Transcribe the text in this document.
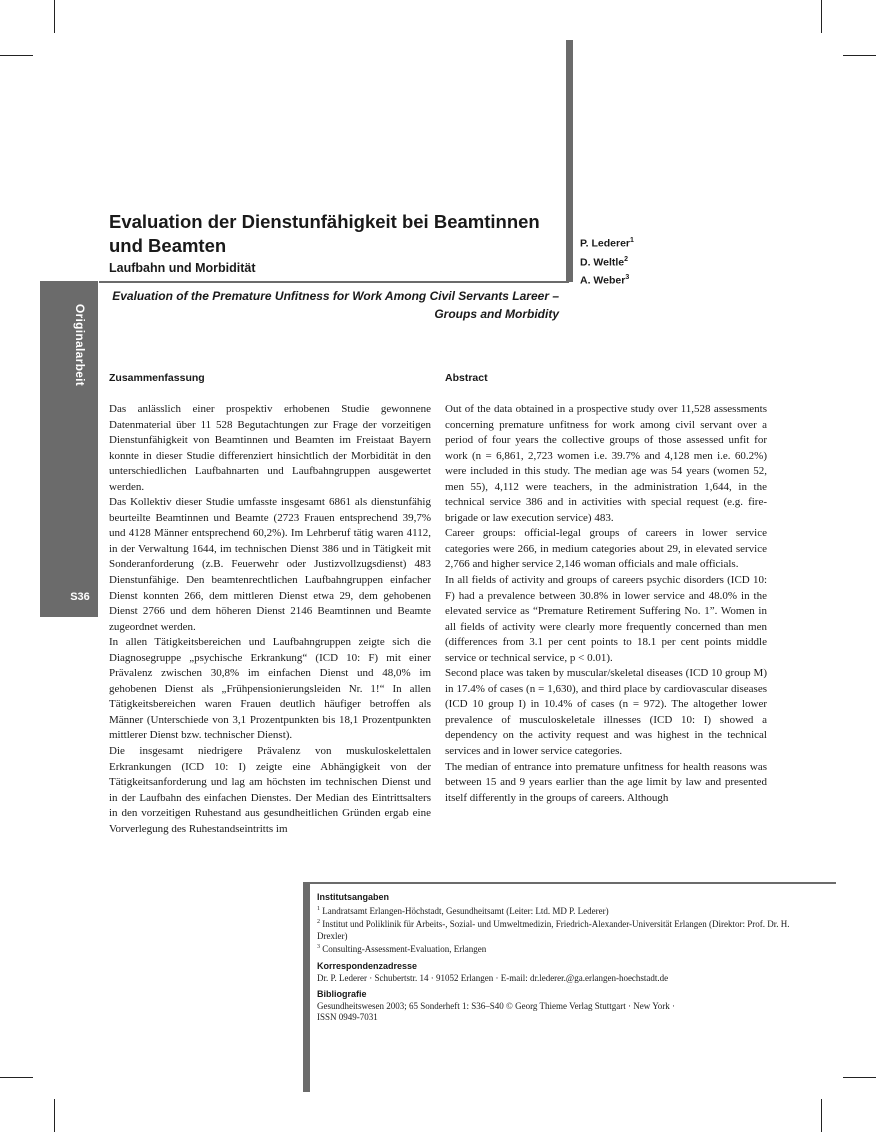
Evaluation der Dienstunfähigkeit bei Beamtinnen und Beamten
Laufbahn und Morbidität
P. Lederer$^1$
D. Weltle$^2$
A. Weber$^3$
Evaluation of the Premature Unfitness for Work Among Civil Servants Lareer – Groups and Morbidity
Originalarbeit
S36
Zusammenfassung

Das anlässlich einer prospektiv erhobenen Studie gewonnene Datenmaterial über 11 528 Begutachtungen zur Frage der vorzeitigen Dienstunfähigkeit von Beamtinnen und Beamten im Freistaat Bayern konnte in dieser Studie differenziert hinsichtlich der Morbidität in den unterschiedlichen Laufbahnarten und Laufbahngruppen ausgewertet werden.

Das Kollektiv dieser Studie umfasste insgesamt 6861 als dienstunfähig beurteilte Beamtinnen und Beamte (2723 Frauen entsprechend 39,7% und 4128 Männer entsprechend 60,2%). Im Lehrberuf tätig waren 4112, in der Verwaltung 1644, im technischen Dienst 386 und in Tätigkeit mit Sonderanforderung (z.B. Feuerwehr oder Justizvollzugsdienst) 483 Dienstunfähige. Den beamtenrechtlichen Laufbahngruppen einfacher Dienst konnten 266, dem mittleren Dienst etwa 29, dem gehobenen Dienst 2766 und dem höheren Dienst 2146 Beamtinnen und Beamte zugeordnet werden.

In allen Tätigkeitsbereichen und Laufbahngruppen zeigte sich die Diagnosegruppe „psychische Erkrankung“ (ICD 10: F) mit einer Prävalenz zwischen 30,8% im einfachen Dienst und 48,0% im gehobenen Dienst als „Frühpensionierungsleiden Nr. 1!“ In allen Tätigkeitsbereichen waren Frauen deutlich häufiger betroffen als Männer (Unterschiede von 3,1 Prozentpunkten bis 18,1 Prozentpunkten mittlerer Dienst bzw. technischer Dienst).

Die insgesamt niedrigere Prävalenz von muskuloskelettalen Erkrankungen (ICD 10: I) zeigte eine Abhängigkeit von der Tätigkeitsanforderung und lag am höchsten im technischen Dienst und in der Laufbahn des einfachen Dienstes. Der Median des Eintrittsalters in den vorzeitigen Ruhestand aus gesundheitlichen Gründen ergab eine Vorverlegung des Ruhestandseintritts im

Abstract

Out of the data obtained in a prospective study over 11,528 assessments concerning premature unfitness for work among civil servant over a period of four years the collective groups of those assessed unfit for work (n = 6,861, 2,723 women i.e. 39.7% and 4,128 men i.e. 60.2%) were included in this study. The median age was 54 years (women 52, men 55), 4,112 were teachers, in the administration 1,644, in the technical service 386 and in activities with special request (e.g. fire-brigade or law execution service) 483.

Career groups: official-legal groups of careers in lower service categories were 266, in medium categories about 29, in elevated service 2,766 and higher service 2,146 woman officials and male officials.

In all fields of activity and groups of careers psychic disorders (ICD 10: F) had a prevalence between 30.8% in lower service and 48.0% in the elevated service as “Premature Retirement Suffering No. 1”. Women in all fields of activity were clearly more frequently concerned than men (differences from 3.1 per cent points to 18.1 per cent points middle service or technical service, p < 0.01).

Second place was taken by muscular/skeletal diseases (ICD 10 group M) in 17.4% of cases (n = 1,630), and third place by cardiovascular diseases (ICD 10 group I) in 10.4% of cases (n = 972). The altogether lower prevalence of musculoskeletale illnesses (ICD 10: I) showed a dependency on the activity request and was highest in the technical services and in lower service categories.

The median of entrance into premature unfitness for health reasons was between 15 and 9 years earlier than the age limit by law and presented itself differently in the groups of careers. Although

Institutsangaben
$^1$ Landratsamt Erlangen-Höchstadt, Gesundheitsamt (Leiter: Ltd. MD P. Lederer)
$^2$ Institut und Poliklinik für Arbeits-, Sozial- und Umweltmedizin, Friedrich-Alexander-Universität Erlangen (Direktor: Prof. Dr. H. Drexler)
$^3$ Consulting-Assessment-Evaluation, Erlangen
Korrespondenzadresse
Dr. P. Lederer · Schubertstr. 14 · 91052 Erlangen · E-mail: dr.lederer.@ga.erlangen-hoechstadt.de
Bibliografie
Gesundheitswesen 2003; 65 Sonderheft 1: S36–S40 © Georg Thieme Verlag Stuttgart · New York ·
ISSN 0949-7031
